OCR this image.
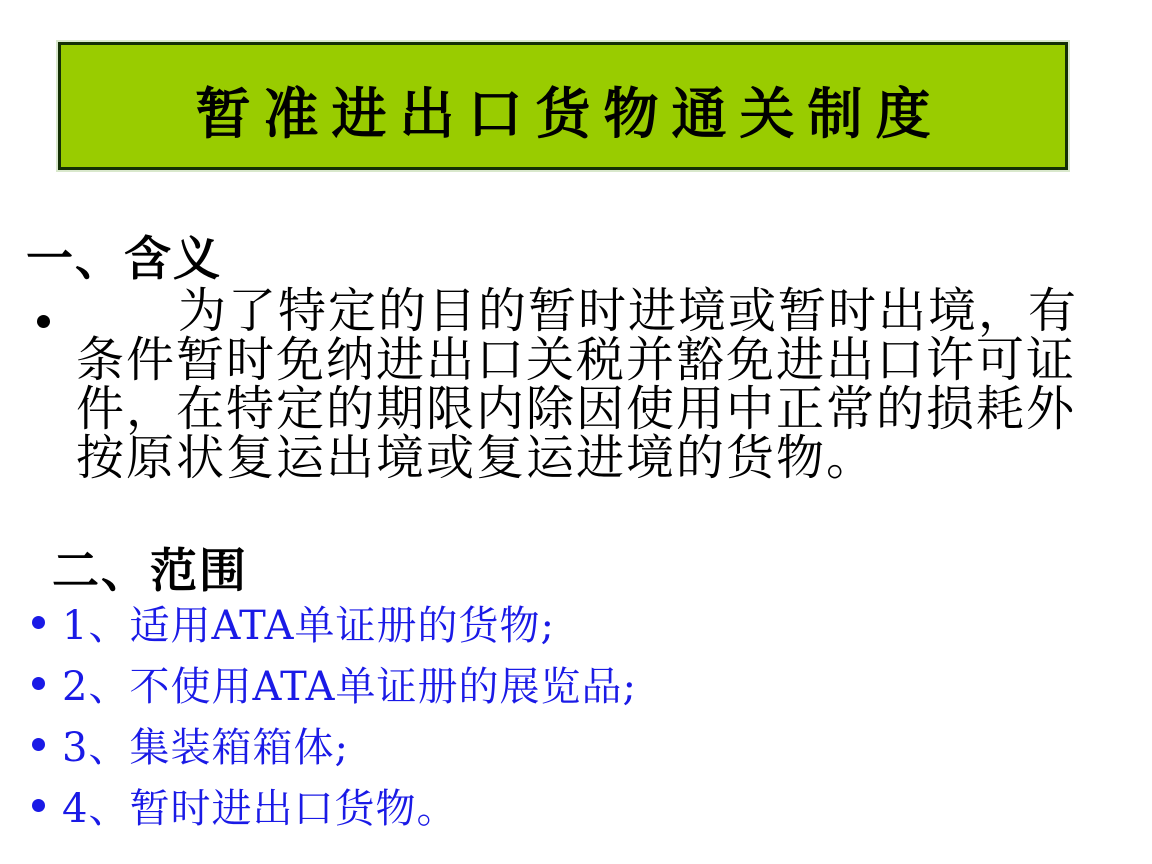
暂准进出口货物通关制度
一、含义
为了特定的目的暂时进境或暂时出境，有
条件暂时免纳进出口关税并豁免进出口许可证
件，在特定的期限内除因使用中正常的损耗外
按原状复运出境或复运进境的货物。
二、范围
1、适用ATA单证册的货物;
2、不使用ATA单证册的展览品;
3、集装箱箱体;
4、暂时进出口货物。
